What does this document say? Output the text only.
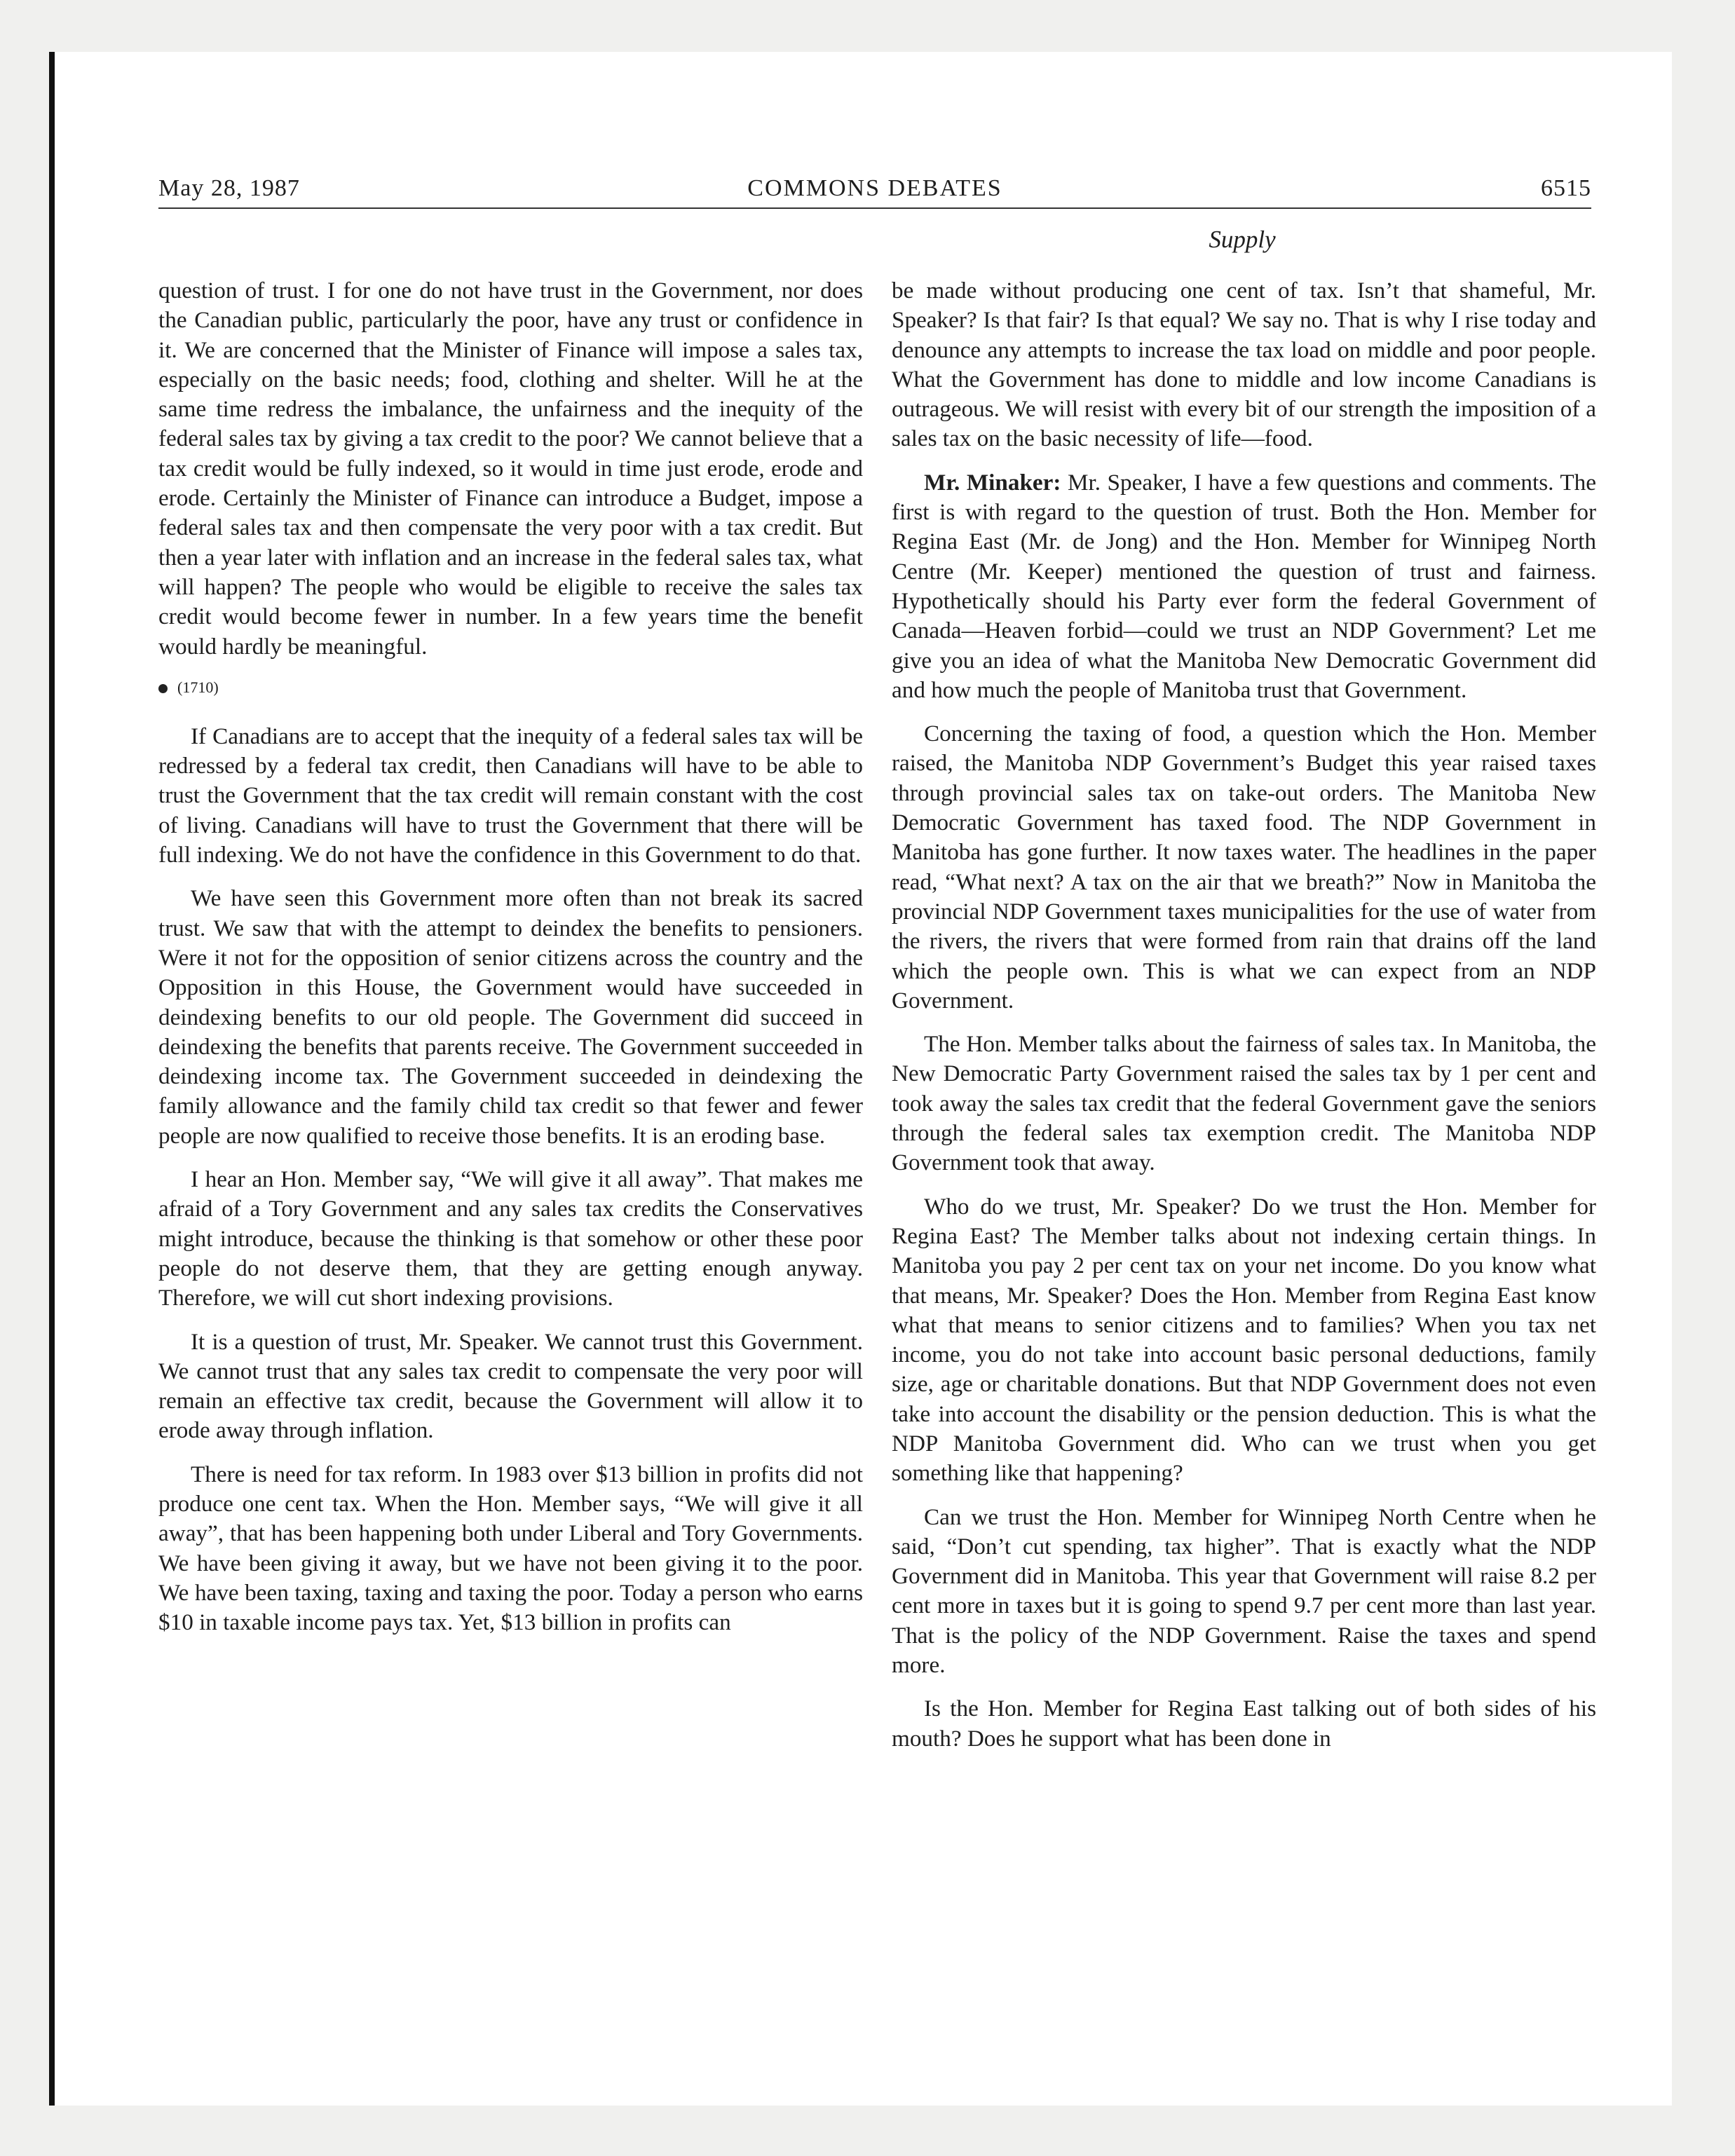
May 28, 1987	COMMONS DEBATES	6515
Supply

question of trust. I for one do not have trust in the Government, nor does the Canadian public, particularly the poor, have any trust or confidence in it. We are concerned that the Minister of Finance will impose a sales tax, especially on the basic needs; food, clothing and shelter. Will he at the same time redress the imbalance, the unfairness and the inequity of the federal sales tax by giving a tax credit to the poor? We cannot believe that a tax credit would be fully indexed, so it would in time just erode, erode and erode. Certainly the Minister of Finance can introduce a Budget, impose a federal sales tax and then compensate the very poor with a tax credit. But then a year later with inflation and an increase in the federal sales tax, what will happen? The people who would be eligible to receive the sales tax credit would become fewer in number. In a few years time the benefit would hardly be meaningful.

(1710)

If Canadians are to accept that the inequity of a federal sales tax will be redressed by a federal tax credit, then Canadians will have to be able to trust the Government that the tax credit will remain constant with the cost of living. Canadians will have to trust the Government that there will be full indexing. We do not have the confidence in this Government to do that.

We have seen this Government more often than not break its sacred trust. We saw that with the attempt to deindex the benefits to pensioners. Were it not for the opposition of senior citizens across the country and the Opposition in this House, the Government would have succeeded in deindexing benefits to our old people. The Government did succeed in deindexing the benefits that parents receive. The Government succeeded in deindexing income tax. The Government succeeded in deindexing the family allowance and the family child tax credit so that fewer and fewer people are now qualified to receive those benefits. It is an eroding base.

I hear an Hon. Member say, “We will give it all away”. That makes me afraid of a Tory Government and any sales tax credits the Conservatives might introduce, because the thinking is that somehow or other these poor people do not deserve them, that they are getting enough anyway. Therefore, we will cut short indexing provisions.

It is a question of trust, Mr. Speaker. We cannot trust this Government. We cannot trust that any sales tax credit to compensate the very poor will remain an effective tax credit, because the Government will allow it to erode away through inflation.

There is need for tax reform. In 1983 over $13 billion in profits did not produce one cent tax. When the Hon. Member says, “We will give it all away”, that has been happening both under Liberal and Tory Governments. We have been giving it away, but we have not been giving it to the poor. We have been taxing, taxing and taxing the poor. Today a person who earns $10 in taxable income pays tax. Yet, $13 billion in profits can

be made without producing one cent of tax. Isn’t that shameful, Mr. Speaker? Is that fair? Is that equal? We say no. That is why I rise today and denounce any attempts to increase the tax load on middle and poor people. What the Government has done to middle and low income Canadians is outrageous. We will resist with every bit of our strength the imposition of a sales tax on the basic necessity of life—food.

Mr. Minaker: Mr. Speaker, I have a few questions and comments. The first is with regard to the question of trust. Both the Hon. Member for Regina East (Mr. de Jong) and the Hon. Member for Winnipeg North Centre (Mr. Keeper) mentioned the question of trust and fairness. Hypothetically should his Party ever form the federal Government of Canada—Heaven forbid—could we trust an NDP Government? Let me give you an idea of what the Manitoba New Democratic Government did and how much the people of Manitoba trust that Government.

Concerning the taxing of food, a question which the Hon. Member raised, the Manitoba NDP Government’s Budget this year raised taxes through provincial sales tax on take-out orders. The Manitoba New Democratic Government has taxed food. The NDP Government in Manitoba has gone further. It now taxes water. The headlines in the paper read, “What next? A tax on the air that we breath?” Now in Manitoba the provincial NDP Government taxes municipalities for the use of water from the rivers, the rivers that were formed from rain that drains off the land which the people own. This is what we can expect from an NDP Government.

The Hon. Member talks about the fairness of sales tax. In Manitoba, the New Democratic Party Government raised the sales tax by 1 per cent and took away the sales tax credit that the federal Government gave the seniors through the federal sales tax exemption credit. The Manitoba NDP Government took that away.

Who do we trust, Mr. Speaker? Do we trust the Hon. Member for Regina East? The Member talks about not indexing certain things. In Manitoba you pay 2 per cent tax on your net income. Do you know what that means, Mr. Speaker? Does the Hon. Member from Regina East know what that means to senior citizens and to families? When you tax net income, you do not take into account basic personal deductions, family size, age or charitable donations. But that NDP Government does not even take into account the disability or the pension deduction. This is what the NDP Manitoba Government did. Who can we trust when you get something like that happening?

Can we trust the Hon. Member for Winnipeg North Centre when he said, “Don’t cut spending, tax higher”. That is exactly what the NDP Government did in Manitoba. This year that Government will raise 8.2 per cent more in taxes but it is going to spend 9.7 per cent more than last year. That is the policy of the NDP Government. Raise the taxes and spend more.

Is the Hon. Member for Regina East talking out of both sides of his mouth? Does he support what has been done in
